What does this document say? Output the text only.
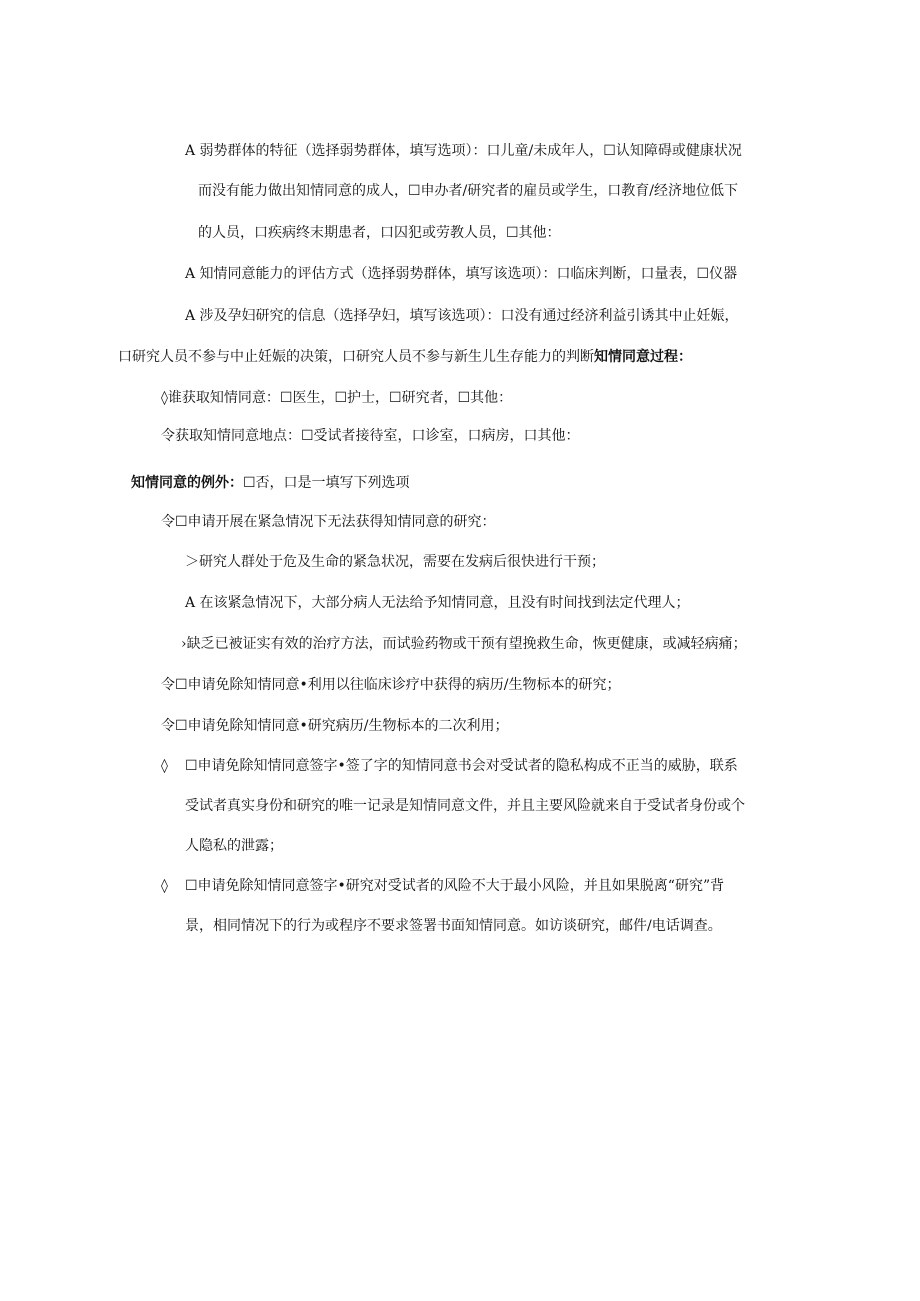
A 弱势群体的特征（选择弱势群体，填写选项）：口儿童/未成年人，☐认知障碍或健康状况
而没有能力做出知情同意的成人，☐申办者/研究者的雇员或学生，口教育/经济地位低下
的人员，口疾病终末期患者，口囚犯或劳教人员，☐其他：
A 知情同意能力的评估方式（选择弱势群体，填写该选项）：口临床判断，口量表，☐仪器
A 涉及孕妇研究的信息（选择孕妇，填写该选项）：口没有通过经济利益引诱其中止妊娠，
口研究人员不参与中止妊娠的决策，口研究人员不参与新生儿生存能力的判断知情同意过程：
◊谁获取知情同意：☐医生，☐护士，☐研究者，☐其他：
令获取知情同意地点：☐受试者接待室，口诊室，口病房，口其他：
知情同意的例外：☐否，口是一填写下列选项
令☐申请开展在紧急情况下无法获得知情同意的研究：
＞研究人群处于危及生命的紧急状况，需要在发病后很快进行干预；
A 在该紧急情况下，大部分病人无法给予知情同意，且没有时间找到法定代理人；
›缺乏已被证实有效的治疗方法，而试验药物或干预有望挽救生命，恢更健康，或减轻病痛；
令☐申请免除知情同意•利用以往临床诊疗中获得的病历/生物标本的研究；
令☐申请免除知情同意•研究病历/生物标本的二次利用；
◊ ☐申请免除知情同意签字•签了字的知情同意书会对受试者的隐私构成不正当的威胁，联系
受试者真实身份和研究的唯一记录是知情同意文件，并且主要风险就来自于受试者身份或个
人隐私的泄露；
◊ ☐申请免除知情同意签字•研究对受试者的风险不大于最小风险，并且如果脱离“研究”背
景，相同情况下的行为或程序不要求签署书面知情同意。如访谈研究，邮件/电话调查。
